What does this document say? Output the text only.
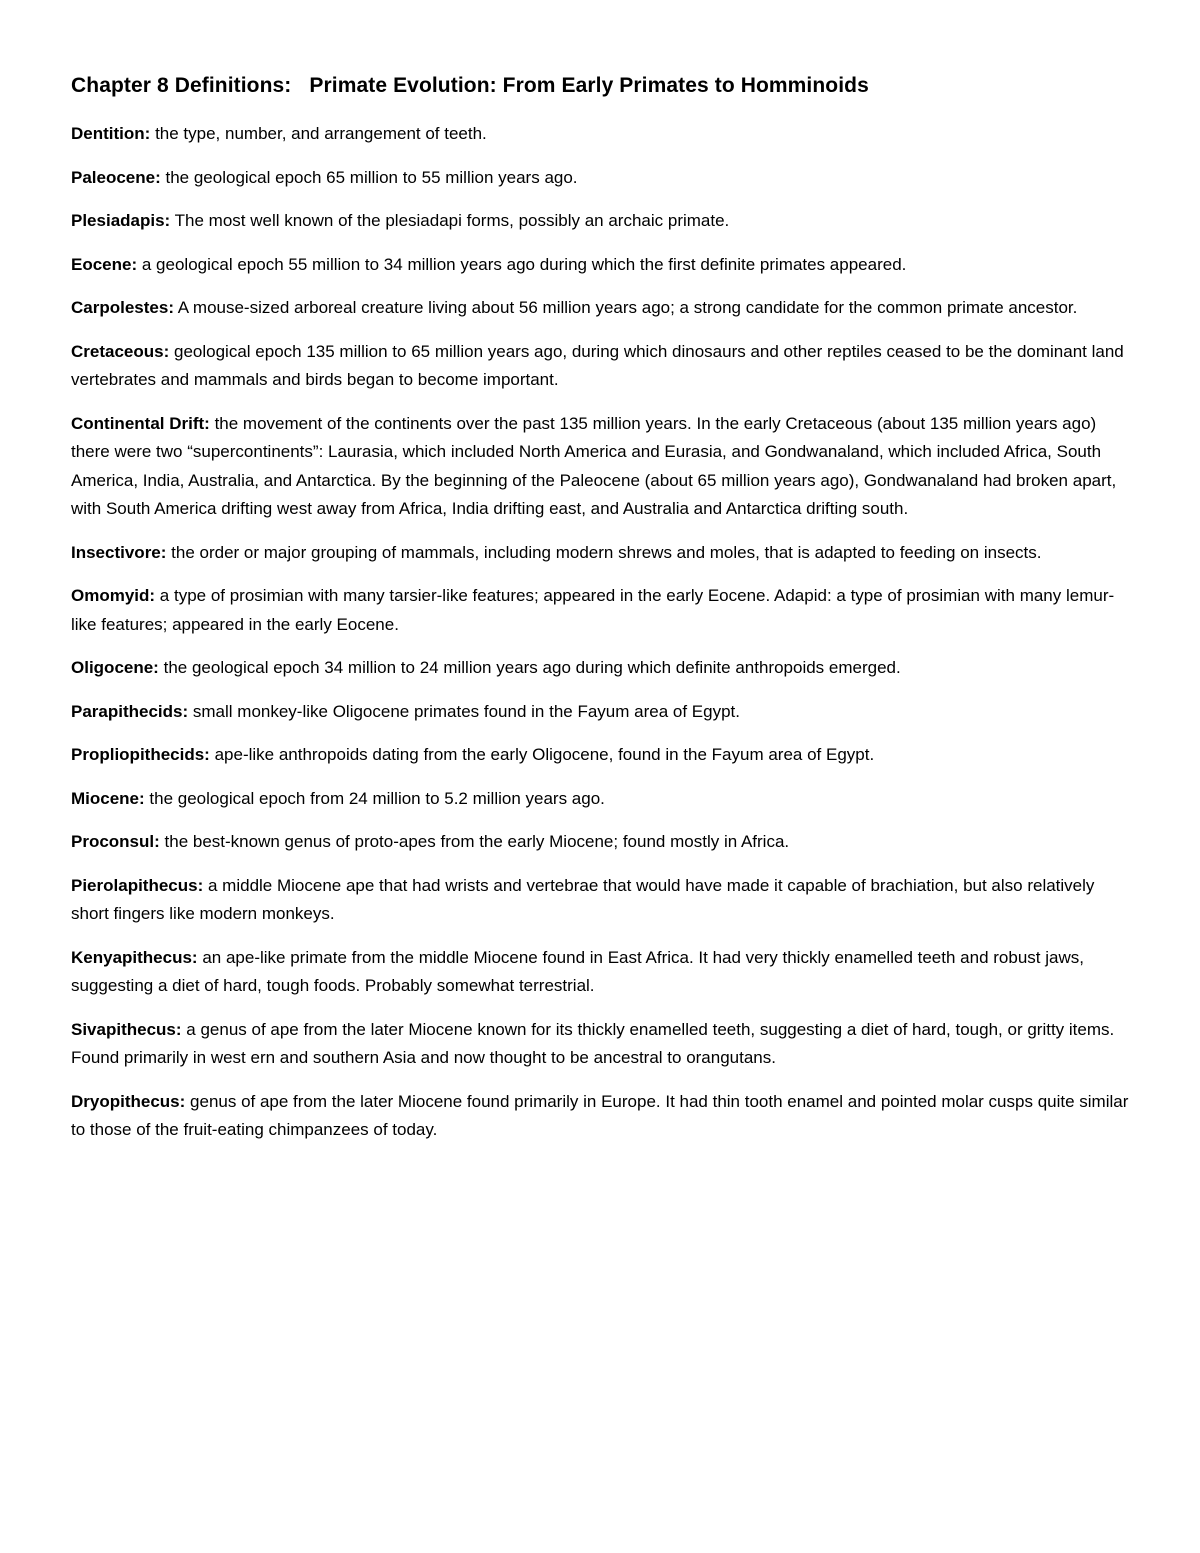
Chapter 8 Definitions: Primate Evolution: From Early Primates to Homminoids

Dentition: the type, number, and arrangement of teeth.

Paleocene: the geological epoch 65 million to 55 million years ago.

Plesiadapis: The most well known of the plesiadapi forms, possibly an archaic primate.

Eocene: a geological epoch 55 million to 34 million years ago during which the first definite primates appeared.

Carpolestes: A mouse-sized arboreal creature living about 56 million years ago; a strong candidate for the common primate ancestor.

Cretaceous: geological epoch 135 million to 65 million years ago, during which dinosaurs and other reptiles ceased to be the dominant land vertebrates and mammals and birds began to become important.

Continental Drift: the movement of the continents over the past 135 million years. In the early Cretaceous (about 135 million years ago) there were two “supercontinents”: Laurasia, which included North America and Eurasia, and Gondwanaland, which included Africa, South America, India, Australia, and Antarctica. By the beginning of the Paleocene (about 65 million years ago), Gondwanaland had broken apart, with South America drifting west away from Africa, India drifting east, and Australia and Antarctica drifting south.

Insectivore: the order or major grouping of mammals, including modern shrews and moles, that is adapted to feeding on insects.

Omomyid: a type of prosimian with many tarsier-like features; appeared in the early Eocene. Adapid: a type of prosimian with many lemur-like features; appeared in the early Eocene.

Oligocene: the geological epoch 34 million to 24 million years ago during which definite anthropoids emerged.

Parapithecids: small monkey-like Oligocene primates found in the Fayum area of Egypt.

Propliopithecids: ape-like anthropoids dating from the early Oligocene, found in the Fayum area of Egypt.

Miocene: the geological epoch from 24 million to 5.2 million years ago.

Proconsul: the best-known genus of proto-apes from the early Miocene; found mostly in Africa.

Pierolapithecus: a middle Miocene ape that had wrists and vertebrae that would have made it capable of brachiation, but also relatively short fingers like modern monkeys.

Kenyapithecus: an ape-like primate from the middle Miocene found in East Africa. It had very thickly enamelled teeth and robust jaws, suggesting a diet of hard, tough foods. Probably somewhat terrestrial.

Sivapithecus: a genus of ape from the later Miocene known for its thickly enamelled teeth, suggesting a diet of hard, tough, or gritty items. Found primarily in west ern and southern Asia and now thought to be ancestral to orangutans.

Dryopithecus: genus of ape from the later Miocene found primarily in Europe. It had thin tooth enamel and pointed molar cusps quite similar to those of the fruit-eating chimpanzees of today.
